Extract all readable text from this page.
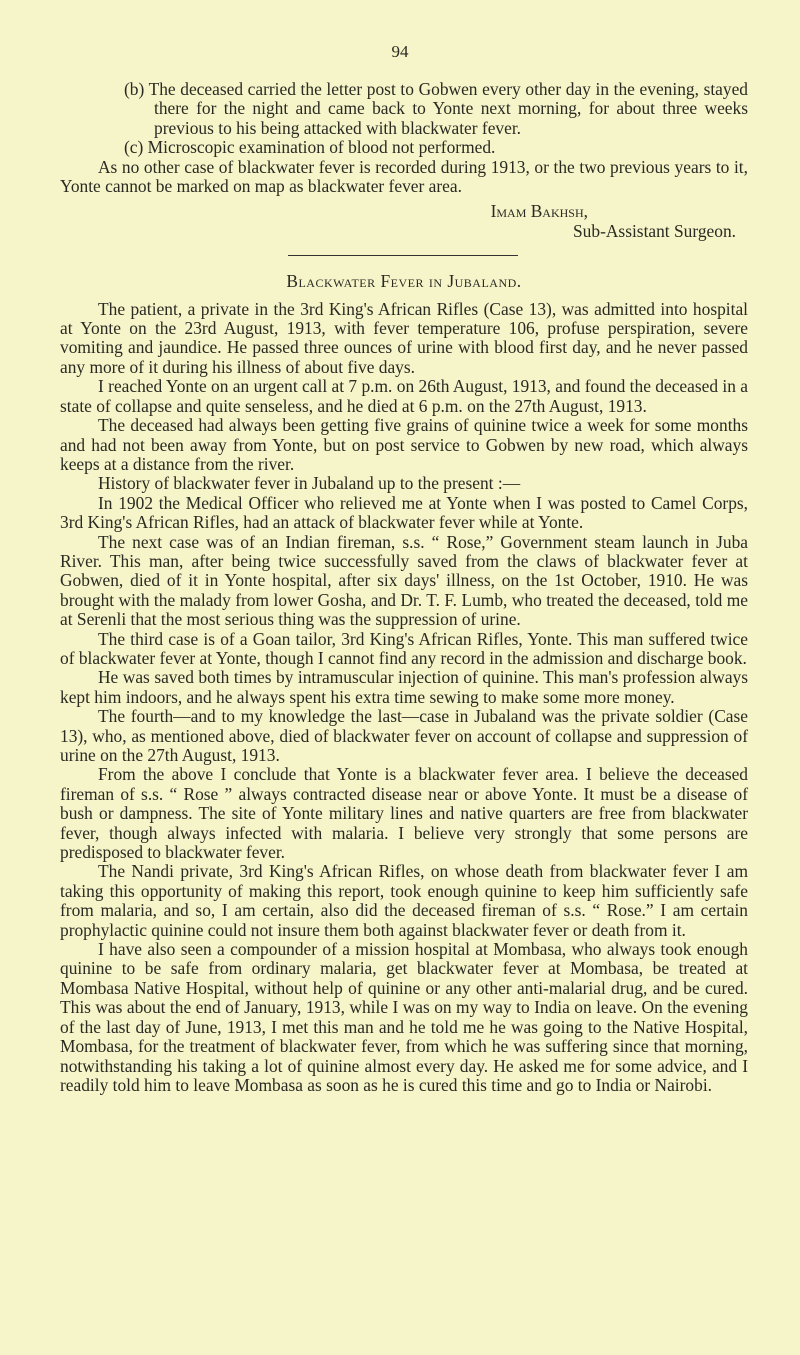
94

(b) The deceased carried the letter post to Gobwen every other day in the evening, stayed there for the night and came back to Yonte next morning, for about three weeks previous to his being attacked with blackwater fever.

(c) Microscopic examination of blood not performed.

As no other case of blackwater fever is recorded during 1913, or the two previous years to it, Yonte cannot be marked on map as blackwater fever area.

Imam Bakhsh,
Sub-Assistant Surgeon.
Blackwater Fever in Jubaland.

The patient, a private in the 3rd King's African Rifles (Case 13), was admitted into hospital at Yonte on the 23rd August, 1913, with fever temperature 106, profuse perspiration, severe vomiting and jaundice. He passed three ounces of urine with blood first day, and he never passed any more of it during his illness of about five days.

I reached Yonte on an urgent call at 7 p.m. on 26th August, 1913, and found the deceased in a state of collapse and quite senseless, and he died at 6 p.m. on the 27th August, 1913.

The deceased had always been getting five grains of quinine twice a week for some months and had not been away from Yonte, but on post service to Gobwen by new road, which always keeps at a distance from the river.

History of blackwater fever in Jubaland up to the present :—

In 1902 the Medical Officer who relieved me at Yonte when I was posted to Camel Corps, 3rd King's African Rifles, had an attack of blackwater fever while at Yonte.

The next case was of an Indian fireman, s.s. “ Rose,” Government steam launch in Juba River. This man, after being twice successfully saved from the claws of blackwater fever at Gobwen, died of it in Yonte hospital, after six days' illness, on the 1st October, 1910. He was brought with the malady from lower Gosha, and Dr. T. F. Lumb, who treated the deceased, told me at Serenli that the most serious thing was the suppression of urine.

The third case is of a Goan tailor, 3rd King's African Rifles, Yonte. This man suffered twice of blackwater fever at Yonte, though I cannot find any record in the admission and discharge book.

He was saved both times by intramuscular injection of quinine. This man's profession always kept him indoors, and he always spent his extra time sewing to make some more money.

The fourth—and to my knowledge the last—case in Jubaland was the private soldier (Case 13), who, as mentioned above, died of blackwater fever on account of collapse and suppression of urine on the 27th August, 1913.

From the above I conclude that Yonte is a blackwater fever area. I believe the deceased fireman of s.s. “ Rose ” always contracted disease near or above Yonte. It must be a disease of bush or dampness. The site of Yonte military lines and native quarters are free from blackwater fever, though always infected with malaria. I believe very strongly that some persons are predisposed to blackwater fever.

The Nandi private, 3rd King's African Rifles, on whose death from blackwater fever I am taking this opportunity of making this report, took enough quinine to keep him sufficiently safe from malaria, and so, I am certain, also did the deceased fireman of s.s. “ Rose.” I am certain prophylactic quinine could not insure them both against blackwater fever or death from it.

I have also seen a compounder of a mission hospital at Mombasa, who always took enough quinine to be safe from ordinary malaria, get blackwater fever at Mombasa, be treated at Mombasa Native Hospital, without help of quinine or any other anti-malarial drug, and be cured. This was about the end of January, 1913, while I was on my way to India on leave. On the evening of the last day of June, 1913, I met this man and he told me he was going to the Native Hospital, Mombasa, for the treatment of blackwater fever, from which he was suffering since that morning, notwithstanding his taking a lot of quinine almost every day. He asked me for some advice, and I readily told him to leave Mombasa as soon as he is cured this time and go to India or Nairobi.
